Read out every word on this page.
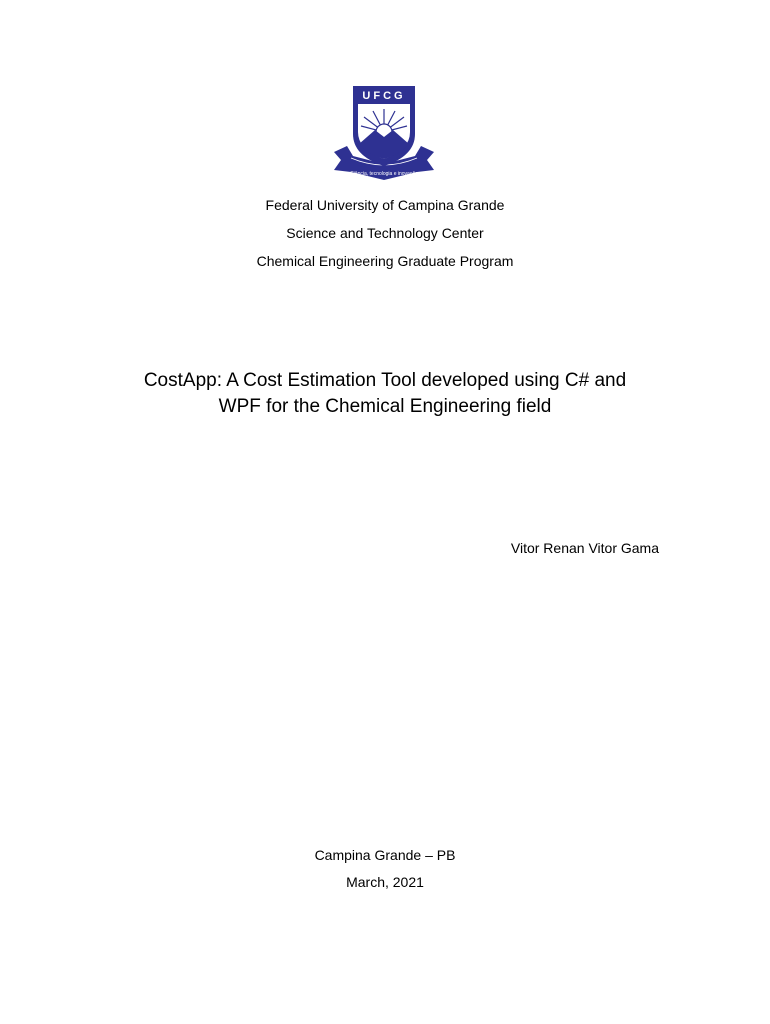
UFCG
Ciência, tecnologia e inovação
Federal University of Campina Grande
Science and Technology Center
Chemical Engineering Graduate Program
CostApp: A Cost Estimation Tool developed using C# and
WPF for the Chemical Engineering field
Vitor Renan Vitor Gama
Campina Grande – PB
March, 2021
